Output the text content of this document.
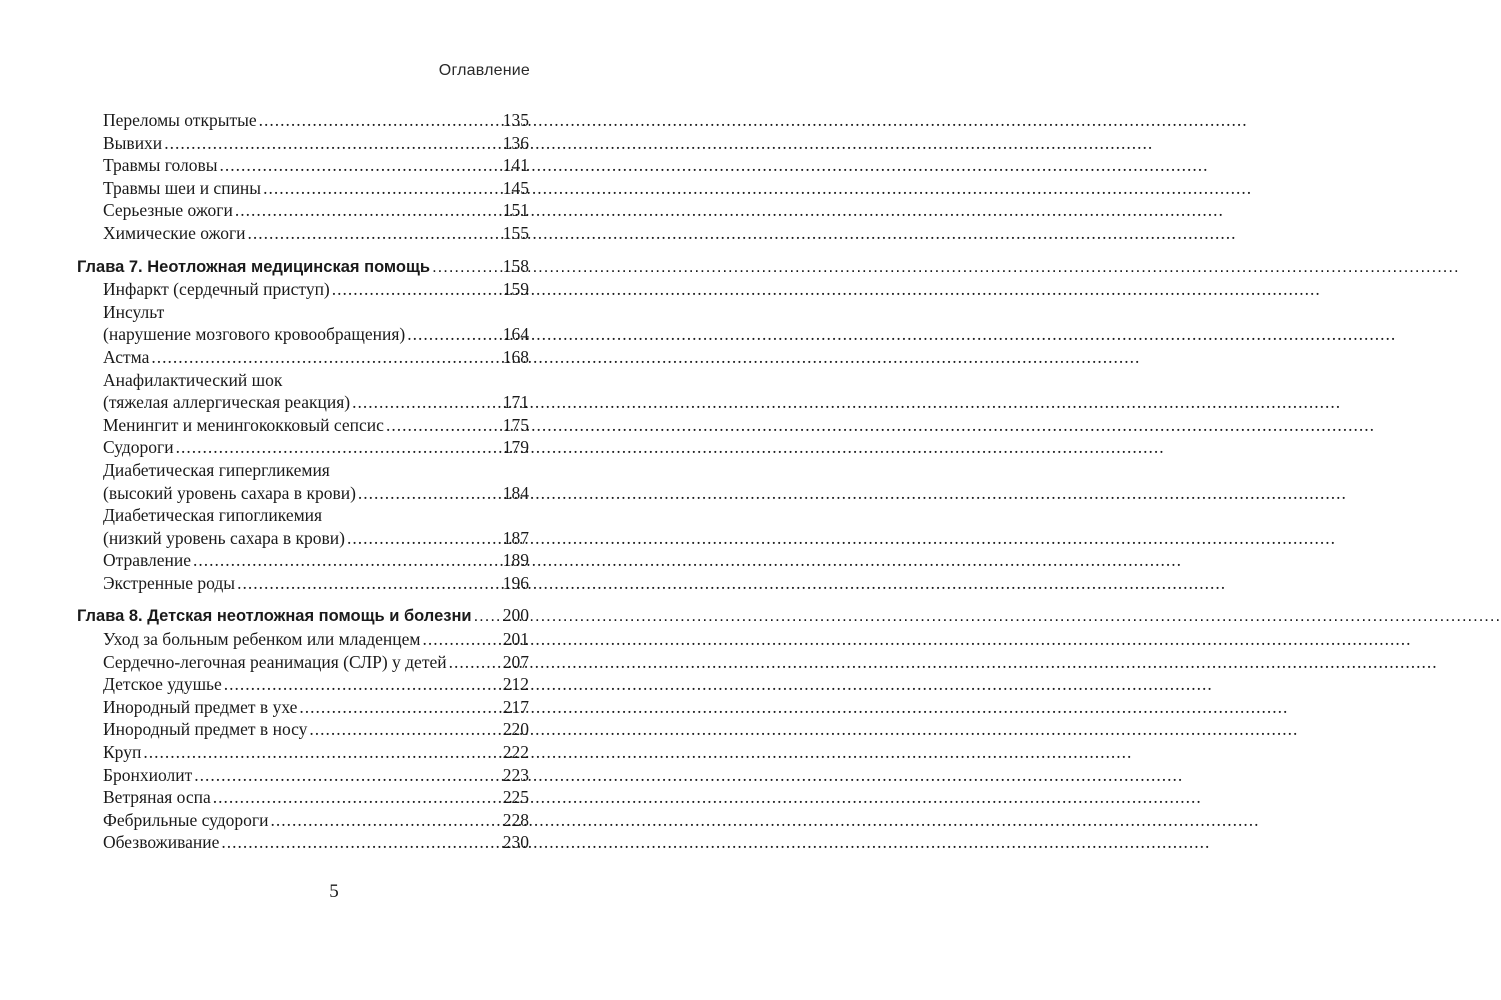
Оглавление
Переломы открытые .....	135
Вывихи .....	136
Травмы головы .....	141
Травмы шеи и спины .....	145
Серьезные ожоги .....	151
Химические ожоги .....	155
Глава 7. Неотложная медицинская помощь .....	158
Инфаркт (сердечный приступ) .....	159
Инсульт
(нарушение мозгового кровообращения) .....	164
Астма .....	168
Анафилактический шок
(тяжелая аллергическая реакция) .....	171
Менингит и менингококковый сепсис .....	175
Судороги .....	179
Диабетическая гипергликемия
(высокий уровень сахара в крови) .....	184
Диабетическая гипогликемия
(низкий уровень сахара в крови) .....	187
Отравление .....	189
Экстренные роды .....	196
Глава 8. Детская неотложная помощь и болезни ..... 200
Уход за больным ребенком или младенцем .....	201
Сердечно-легочная реанимация (СЛР) у детей .....	207
Детское удушье .....	212
Инородный предмет в ухе .....	217
Инородный предмет в носу .....	220
Круп .....	222
Бронхиолит .....	223
Ветряная оспа .....	225
Фебрильные судороги .....	228
Обезвоживание .....	230
5
